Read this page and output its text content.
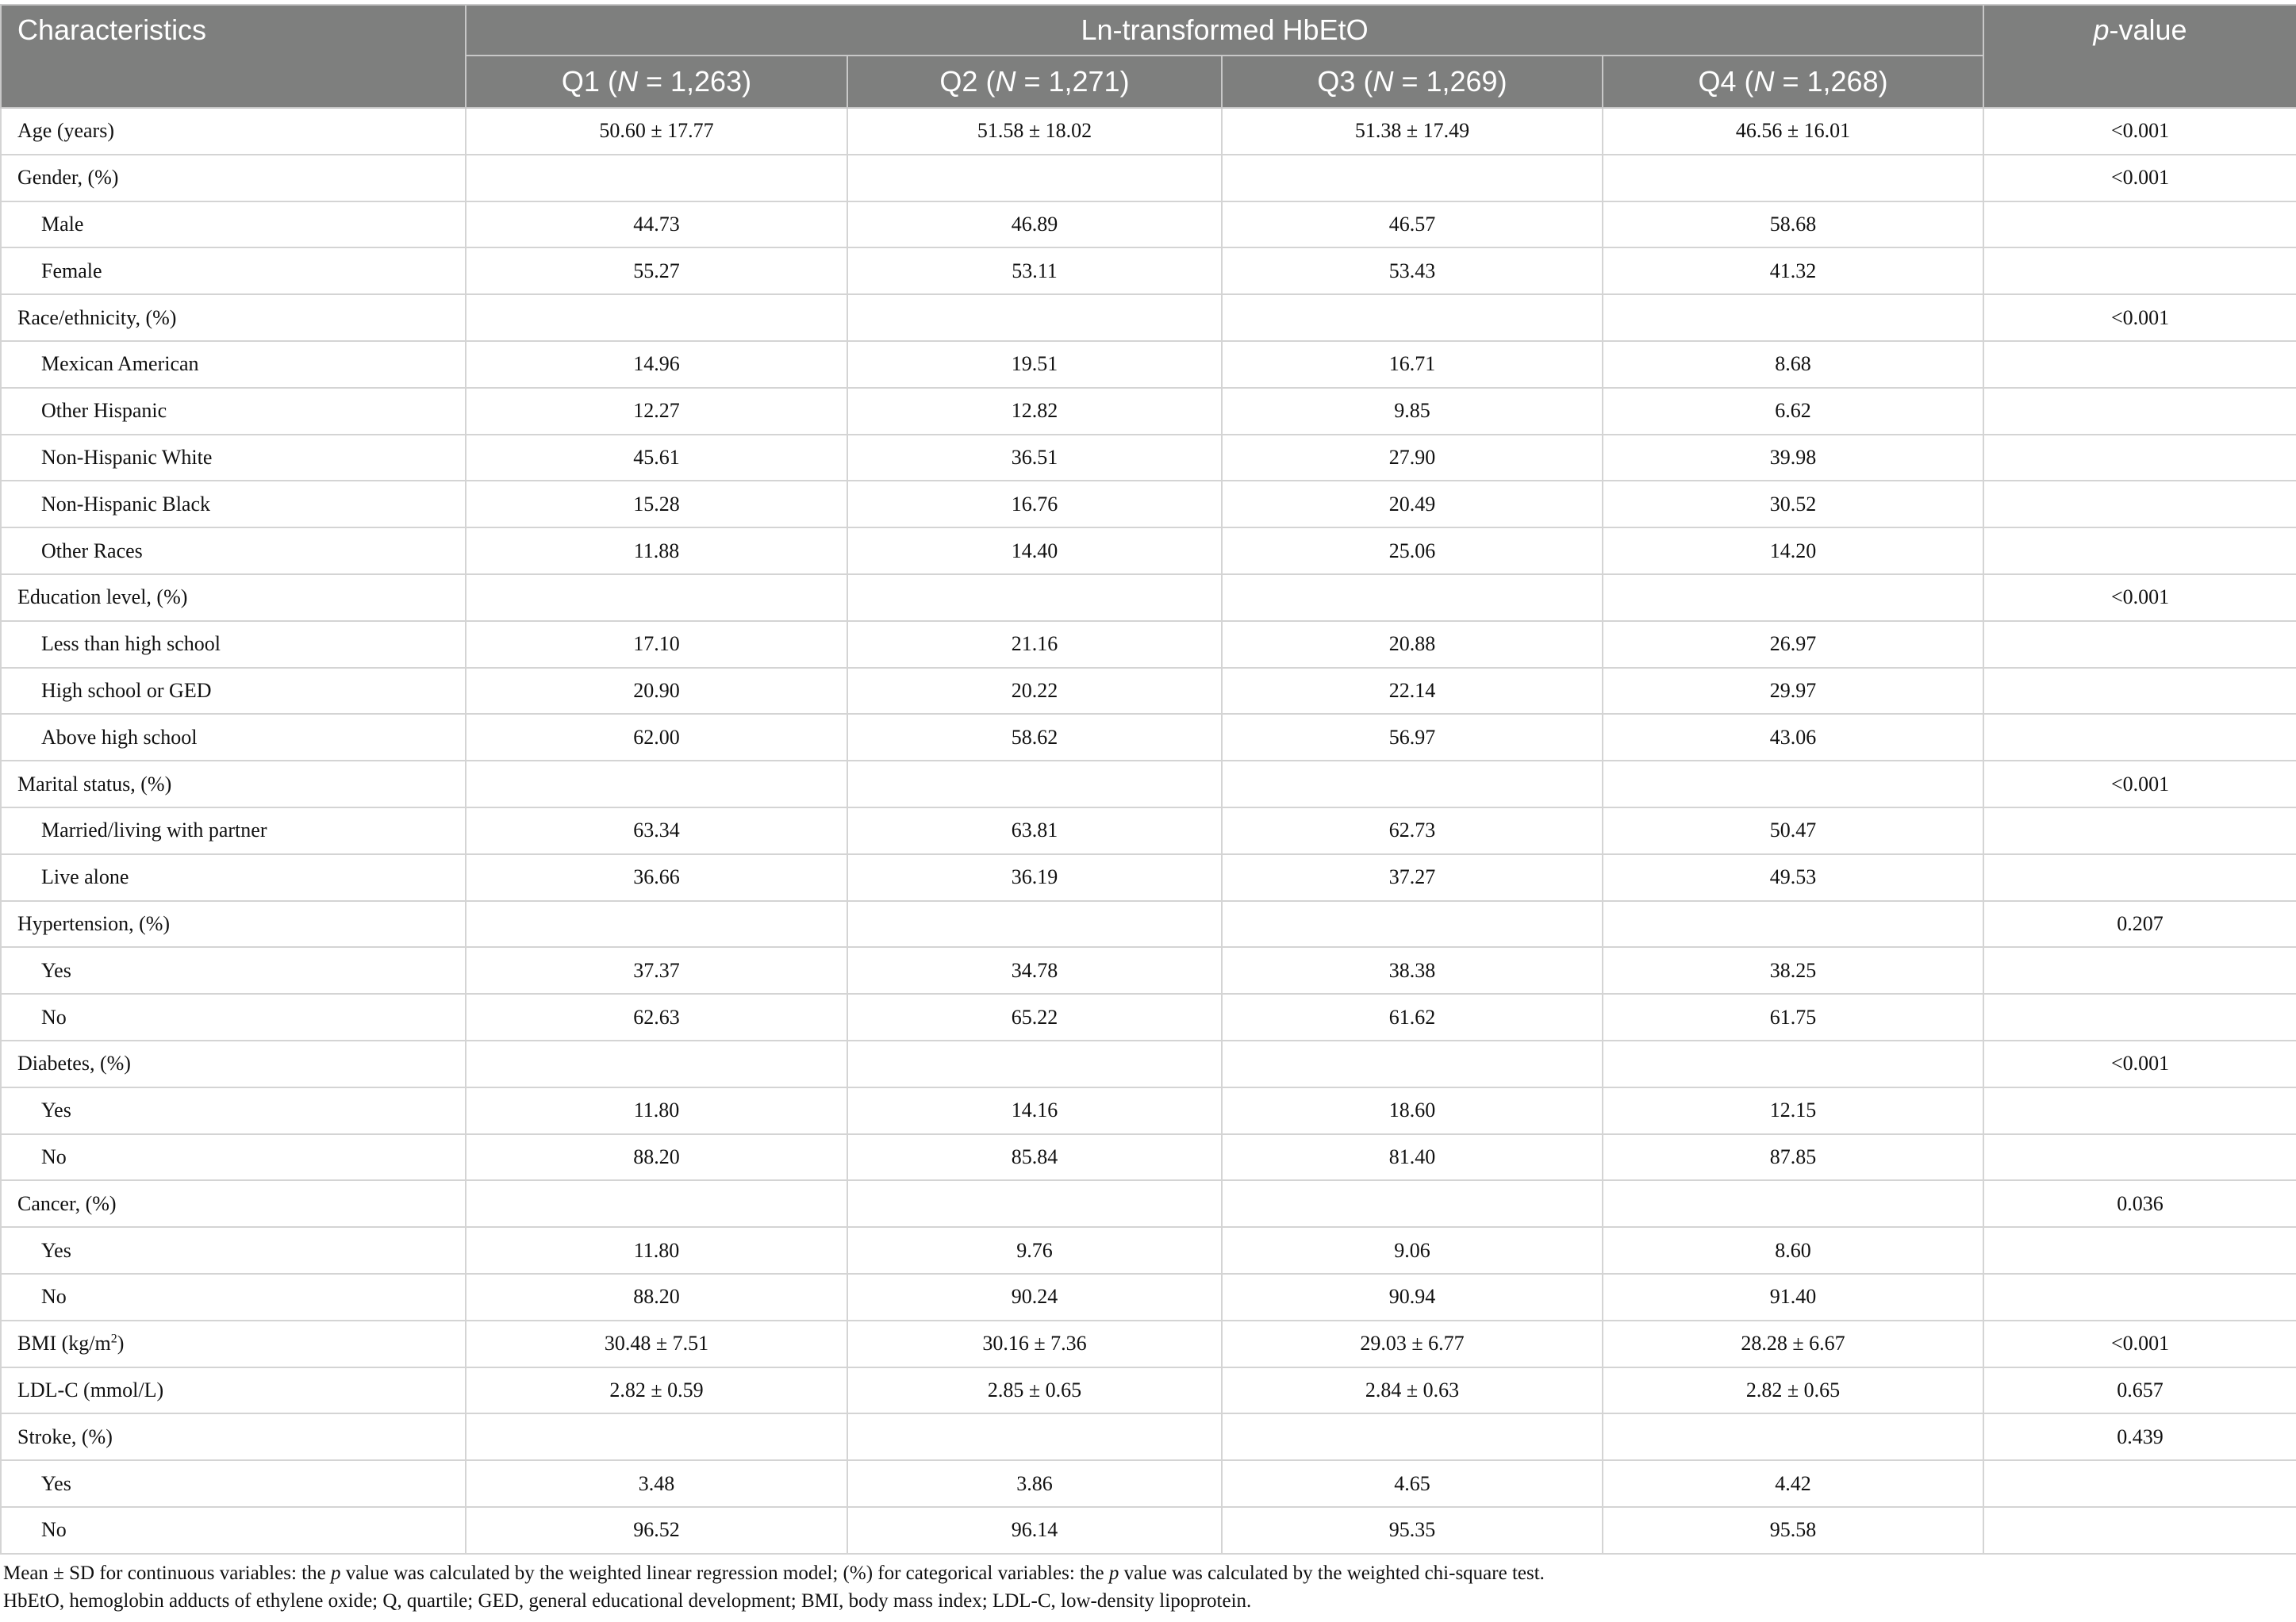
Characteristics	Ln-transformed HbEtO				p-value
	Q1 (N = 1,263)	Q2 (N = 1,271)	Q3 (N = 1,269)	Q4 (N = 1,268)	
Age (years)	50.60 ± 17.77	51.58 ± 18.02	51.38 ± 17.49	46.56 ± 16.01	<0.001
Gender, (%)					<0.001
Male	44.73	46.89	46.57	58.68	
Female	55.27	53.11	53.43	41.32	
Race/ethnicity, (%)					<0.001
Mexican American	14.96	19.51	16.71	8.68	
Other Hispanic	12.27	12.82	9.85	6.62	
Non-Hispanic White	45.61	36.51	27.90	39.98	
Non-Hispanic Black	15.28	16.76	20.49	30.52	
Other Races	11.88	14.40	25.06	14.20	
Education level, (%)					<0.001
Less than high school	17.10	21.16	20.88	26.97	
High school or GED	20.90	20.22	22.14	29.97	
Above high school	62.00	58.62	56.97	43.06	
Marital status, (%)					<0.001
Married/living with partner	63.34	63.81	62.73	50.47	
Live alone	36.66	36.19	37.27	49.53	
Hypertension, (%)					0.207
Yes	37.37	34.78	38.38	38.25	
No	62.63	65.22	61.62	61.75	
Diabetes, (%)					<0.001
Yes	11.80	14.16	18.60	12.15	
No	88.20	85.84	81.40	87.85	
Cancer, (%)					0.036
Yes	11.80	9.76	9.06	8.60	
No	88.20	90.24	90.94	91.40	
BMI $(kg/m^2)$	30.48 ± 7.51	30.16 ± 7.36	29.03 ± 6.77	28.28 ± 6.67	<0.001
LDL-C (mmol/L)	2.82 ± 0.59	2.85 ± 0.65	2.84 ± 0.63	2.82 ± 0.65	0.657
Stroke, (%)					0.439
Yes	3.48	3.86	4.65	4.42	
No	96.52	96.14	95.35	95.58	
Mean ± SD for continuous variables: the p value was calculated by the weighted linear regression model; (%) for categorical variables: the p value was calculated by the weighted chi-square test.
HbEtO, hemoglobin adducts of ethylene oxide; Q, quartile; GED, general educational development; BMI, body mass index; LDL-C, low-density lipoprotein.
